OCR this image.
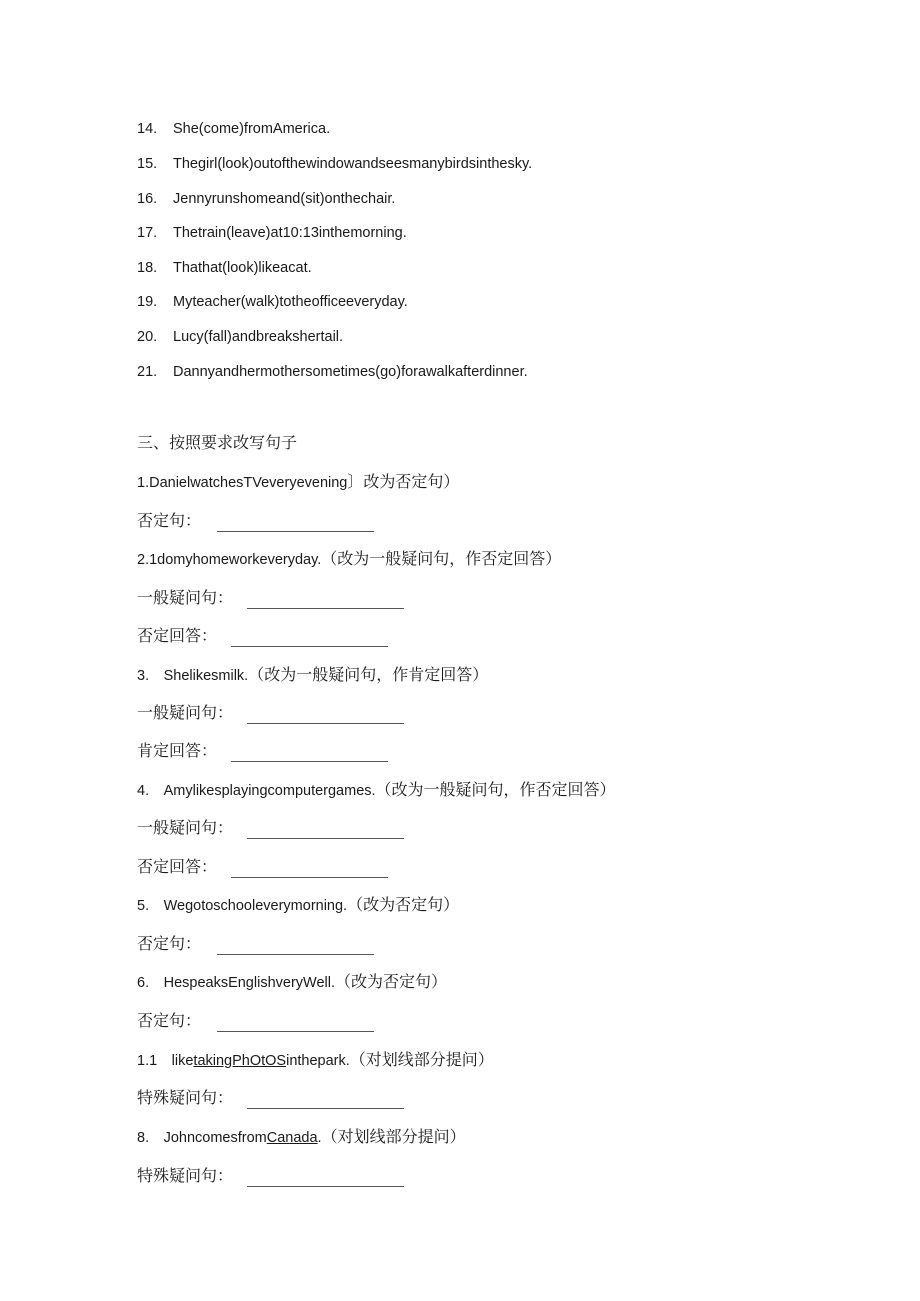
14. She(come)fromAmerica.
15. Thegirl(look)outofthewindowandseesmanybirdsinthesky.
16. Jennyrunshomeand(sit)onthechair.
17. Thetrain(leave)at10:13inthemorning.
18. Thathat(look)likeacat.
19. Myteacher(walk)totheofficeeveryday.
20. Lucy(fall)andbreakshertail.
21. Dannyandhermothersometimes(go)forawalkafterdinner.
三、按照要求改写句子
1.DanielwatchesTVeveryevening〕改为否定句）
否定句：
2.1domyhomeworkeveryday.（改为一般疑问句，作否定回答）
一般疑问句：
否定回答：
3.　Shelikesmilk.（改为一般疑问句，作肯定回答）
一般疑问句：
肯定回答：
4.　Amylikesplayingcomputergames.（改为一般疑问句，作否定回答）
一般疑问句：
否定回答：
5.　Wegotoschooleverymorning.（改为否定句）
否定句：
6.　HespeaksEnglishveryWell.（改为否定句）
否定句：
1.1　liketakingPhOtOSinthepark.（对划线部分提问）
特殊疑问句：
8.　JohncomesfromCanada.（对划线部分提问）
特殊疑问句：
